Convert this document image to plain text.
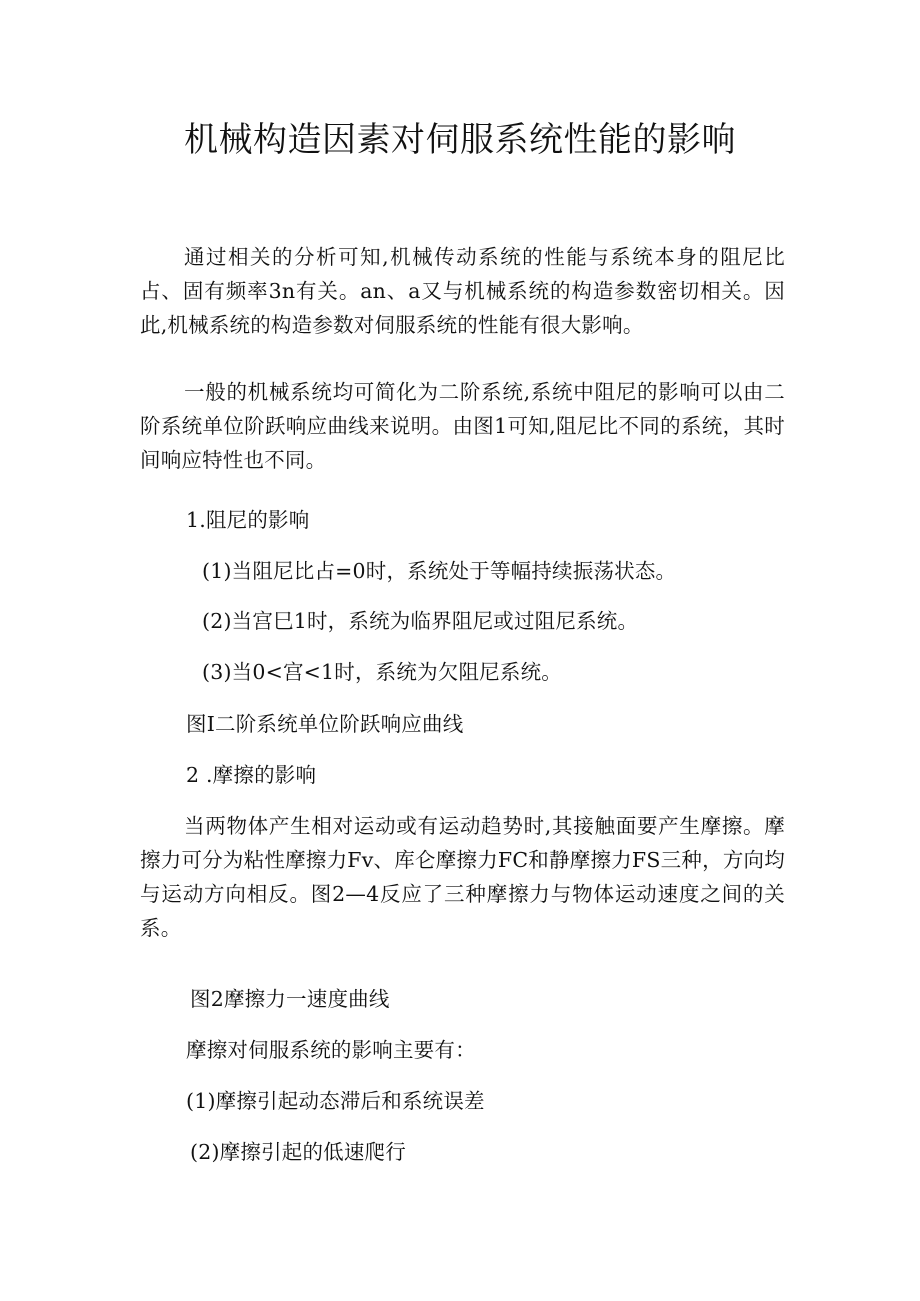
机械构造因素对伺服系统性能的影响

通过相关的分析可知,机械传动系统的性能与系统本身的阻尼比占、固有频率3n有关。an、a又与机械系统的构造参数密切相关。因此,机械系统的构造参数对伺服系统的性能有很大影响。

一般的机械系统均可简化为二阶系统,系统中阻尼的影响可以由二阶系统单位阶跃响应曲线来说明。由图1可知,阻尼比不同的系统，其时间响应特性也不同。

1.阻尼的影响

(1)当阻尼比占=0时，系统处于等幅持续振荡状态。

(2)当宫巳1时，系统为临界阻尼或过阻尼系统。

(3)当0<宫<1时，系统为欠阻尼系统。

图I二阶系统单位阶跃响应曲线

2 .摩擦的影响

当两物体产生相对运动或有运动趋势时,其接触面要产生摩擦。摩擦力可分为粘性摩擦力Fv、库仑摩擦力FC和静摩擦力FS三种，方向均与运动方向相反。图2—4反应了三种摩擦力与物体运动速度之间的关系。

图2摩擦力一速度曲线

摩擦对伺服系统的影响主要有：

(1)摩擦引起动态滞后和系统误差

(2)摩擦引起的低速爬行
